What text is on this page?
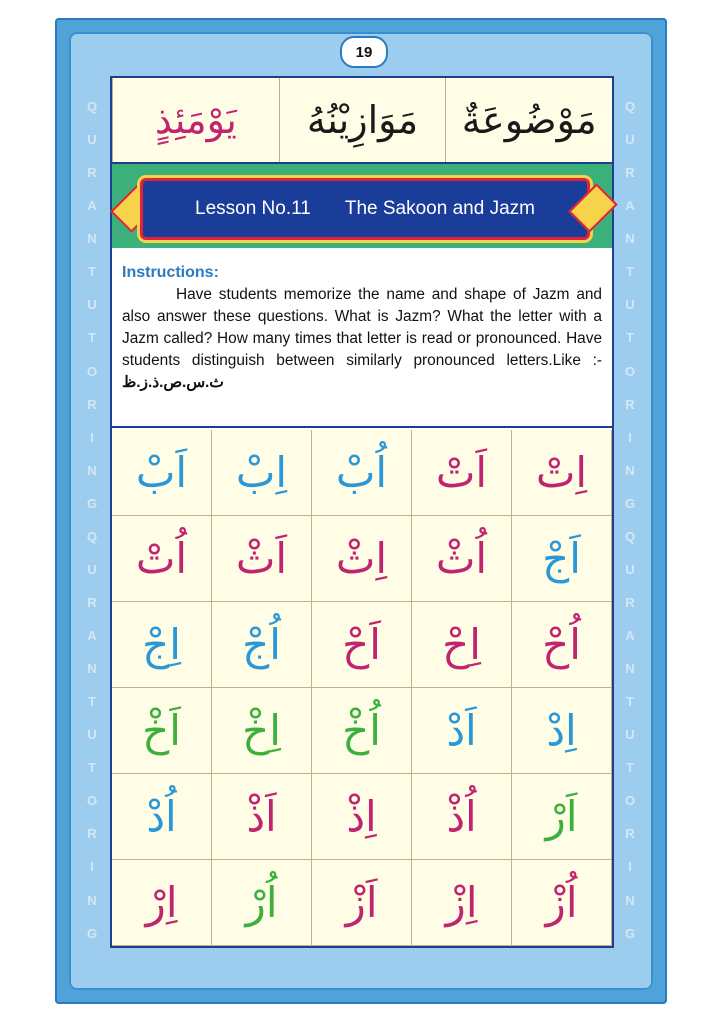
Q
U
R
A
N
T
U
T
O
R
I
N
G
Q
U
R
A
N
T
U
T
O
R
I
N
G
Q
U
R
A
N
T
U
T
O
R
I
N
G
Q
U
R
A
N
T
U
T
O
R
I
N
G
19
مَوْضُوعَةٌ
مَوَازِيْنُهُ
يَوْمَئِذٍ
Lesson No.11 The Sakoon and Jazm

Instructions:

Have students memorize the name and shape of Jazm and also answer these questions. What is Jazm? What the letter with a Jazm called? How many times that letter is read or pronounced. Have students distinguish between similarly pronounced letters.Like :- ث.س.ص.ذ.ز.ظ

اَبْ	اِبْ	اُبْ	اَتْ	اِتْ
اُتْ	اَثْ	اِثْ	اُثْ	اَجْ
اِجْ	اُجْ	اَحْ	اِحْ	اُحْ
اَخْ	اِخْ	اُخْ	اَدْ	اِدْ
اُدْ	اَذْ	اِذْ	اُذْ	اَرْ
اِرْ	اُرْ	اَزْ	اِزْ	اُزْ
